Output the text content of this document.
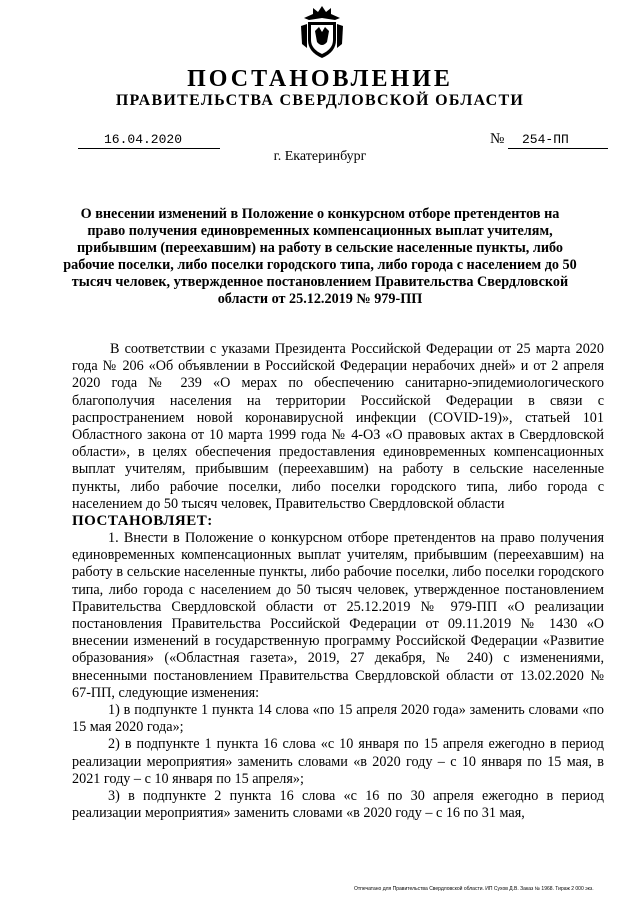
ПОСТАНОВЛЕНИЕ
ПРАВИТЕЛЬСТВА СВЕРДЛОВСКОЙ ОБЛАСТИ
16.04.2020	№	254-ПП
г. Екатеринбург

О внесении изменений в Положение о конкурсном отборе претендентов на право получения единовременных компенсационных выплат учителям, прибывшим (переехавшим) на работу в сельские населенные пункты, либо рабочие поселки, либо поселки городского типа, либо города с населением до 50 тысяч человек, утвержденное постановлением Правительства Свердловской области от 25.12.2019 № 979-ПП

В соответствии с указами Президента Российской Федерации от 25 марта 2020 года № 206 «Об объявлении в Российской Федерации нерабочих дней» и от 2 апреля 2020 года № 239 «О мерах по обеспечению санитарно-эпидемиологического благополучия населения на территории Российской Федерации в связи с распространением новой коронавирусной инфекции (COVID-19)», статьей 101 Областного закона от 10 марта 1999 года № 4-ОЗ «О правовых актах в Свердловской области», в целях обеспечения предоставления единовременных компенсационных выплат учителям, прибывшим (переехавшим) на работу в сельские населенные пункты, либо рабочие поселки, либо поселки городского типа, либо города с населением до 50 тысяч человек, Правительство Свердловской области

ПОСТАНОВЛЯЕТ:

1. Внести в Положение о конкурсном отборе претендентов на право получения единовременных компенсационных выплат учителям, прибывшим (переехавшим) на работу в сельские населенные пункты, либо рабочие поселки, либо поселки городского типа, либо города с населением до 50 тысяч человек, утвержденное постановлением Правительства Свердловской области от 25.12.2019 № 979-ПП «О реализации постановления Правительства Российской Федерации от 09.11.2019 № 1430 «О внесении изменений в государственную программу Российской Федерации «Развитие образования» («Областная газета», 2019, 27 декабря, № 240) с изменениями, внесенными постановлением Правительства Свердловской области от 13.02.2020 № 67-ПП, следующие изменения:

1) в подпункте 1 пункта 14 слова «по 15 апреля 2020 года» заменить словами «по 15 мая 2020 года»;

2) в подпункте 1 пункта 16 слова «с 10 января по 15 апреля ежегодно в период реализации мероприятия» заменить словами «в 2020 году – с 10 января по 15 мая, в 2021 году – с 10 января по 15 апреля»;

3) в подпункте 2 пункта 16 слова «с 16 по 30 апреля ежегодно в период реализации мероприятия» заменить словами «в 2020 году – с 16 по 31 мая,

Отпечатано для Правительства Свердловской области. ИП Сухов Д.В. Заказ № 1968. Тираж 2 000 экз.
